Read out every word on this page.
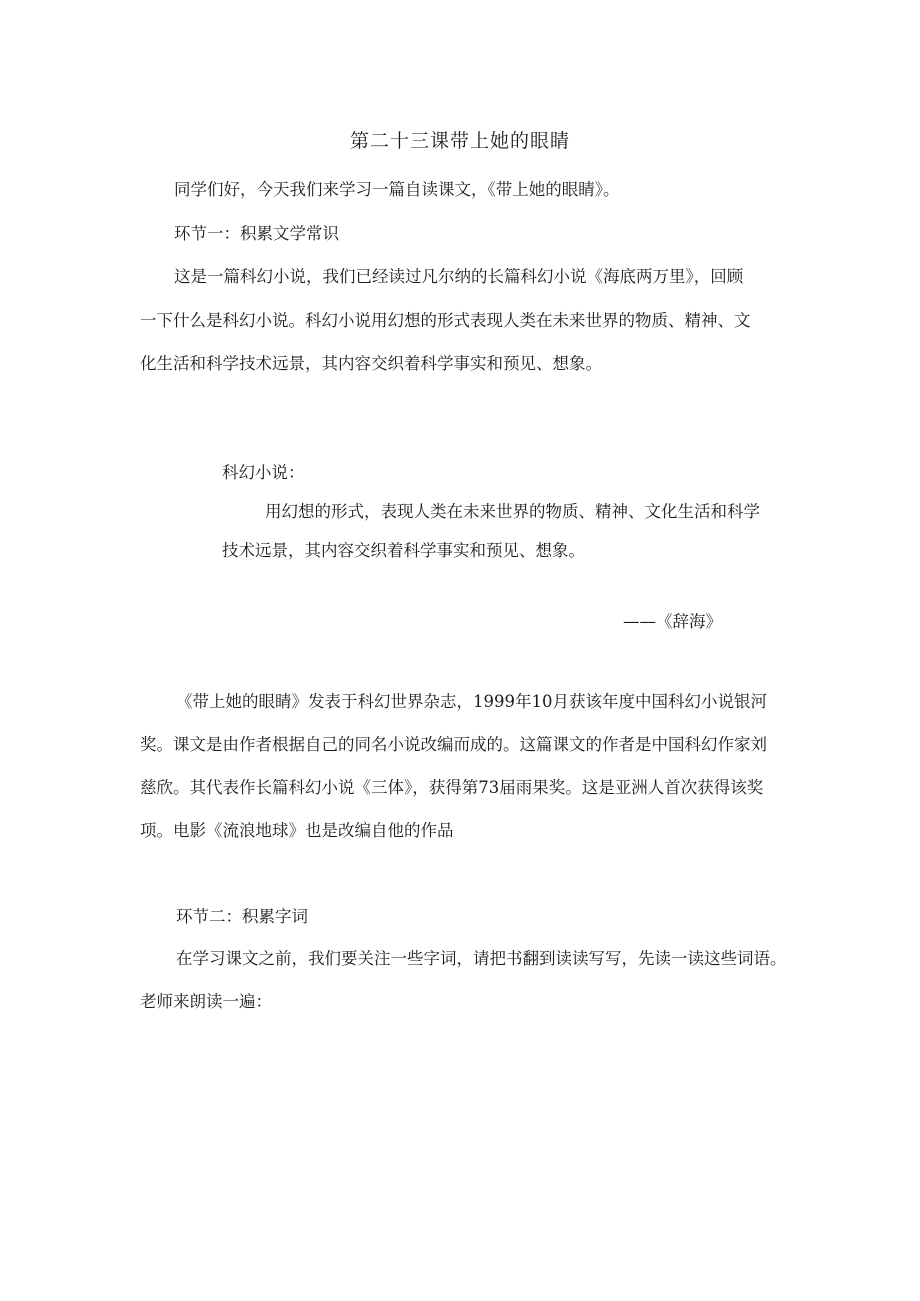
第二十三课带上她的眼睛
同学们好，今天我们来学习一篇自读课文，《带上她的眼睛》。
环节一：积累文学常识
这是一篇科幻小说，我们已经读过凡尔纳的长篇科幻小说《海底两万里》，回顾
一下什么是科幻小说。科幻小说用幻想的形式表现人类在未来世界的物质、精神、文
化生活和科学技术远景，其内容交织着科学事实和预见、想象。
科幻小说：
用幻想的形式，表现人类在未来世界的物质、精神、文化生活和科学
技术远景，其内容交织着科学事实和预见、想象。
——《辞海》
《带上她的眼睛》发表于科幻世界杂志，1999年10月获该年度中国科幻小说银河
奖。课文是由作者根据自己的同名小说改编而成的。这篇课文的作者是中国科幻作家刘
慈欣。其代表作长篇科幻小说《三体》，获得第73届雨果奖。这是亚洲人首次获得该奖
项。电影《流浪地球》也是改编自他的作品
环节二：积累字词
在学习课文之前，我们要关注一些字词，请把书翻到读读写写，先读一读这些词语。
老师来朗读一遍：
